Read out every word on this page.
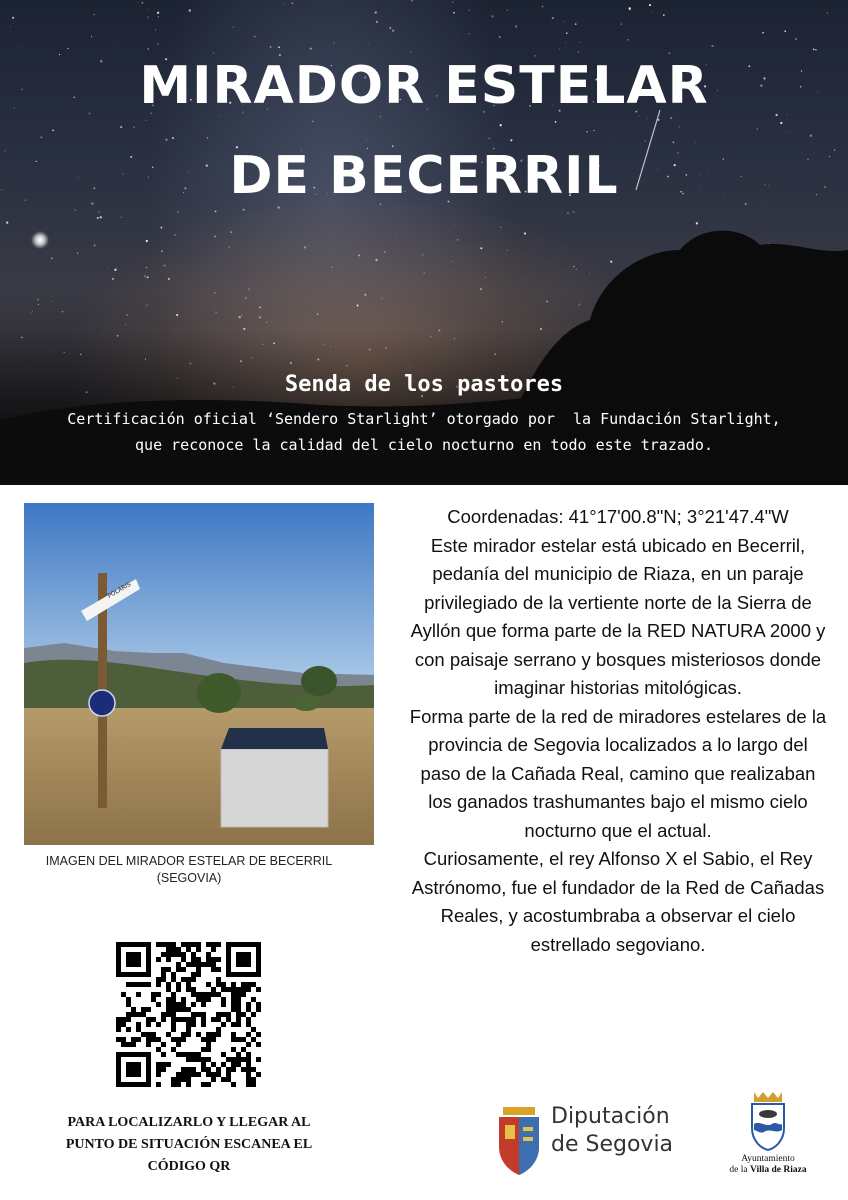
MIRADOR ESTELAR
DE BECERRIL
Senda de los pastores
Certificación oficial ‘Sendero Starlight’ otorgado por  la Fundación Starlight,
que reconoce la calidad del cielo nocturno en todo este trazado.
POLARIS
IMAGEN DEL MIRADOR ESTELAR DE BECERRIL (SEGOVIA)
PARA LOCALIZARLO Y LLEGAR AL PUNTO DE SITUACIÓN ESCANEA EL CÓDIGO QR

Coordenadas: 41°17'00.8"N; 3°21'47.4"W

Este mirador estelar está ubicado en Becerril, pedanía del municipio de Riaza, en un paraje privilegiado de la vertiente norte de la Sierra de Ayllón que forma parte de la RED NATURA 2000 y con paisaje serrano y bosques misteriosos donde imaginar historias mitológicas.

Forma parte de la red de miradores estelares de la provincia de Segovia localizados a lo largo del paso de la Cañada Real, camino que realizaban los ganados trashumantes bajo el mismo cielo nocturno que el actual.

Curiosamente, el rey Alfonso X el Sabio, el Rey Astrónomo, fue el fundador de la Red de Cañadas Reales, y acostumbraba a observar el cielo estrellado segoviano.

Diputación
de Segovia
Ayuntamiento
de la Villa de Riaza
